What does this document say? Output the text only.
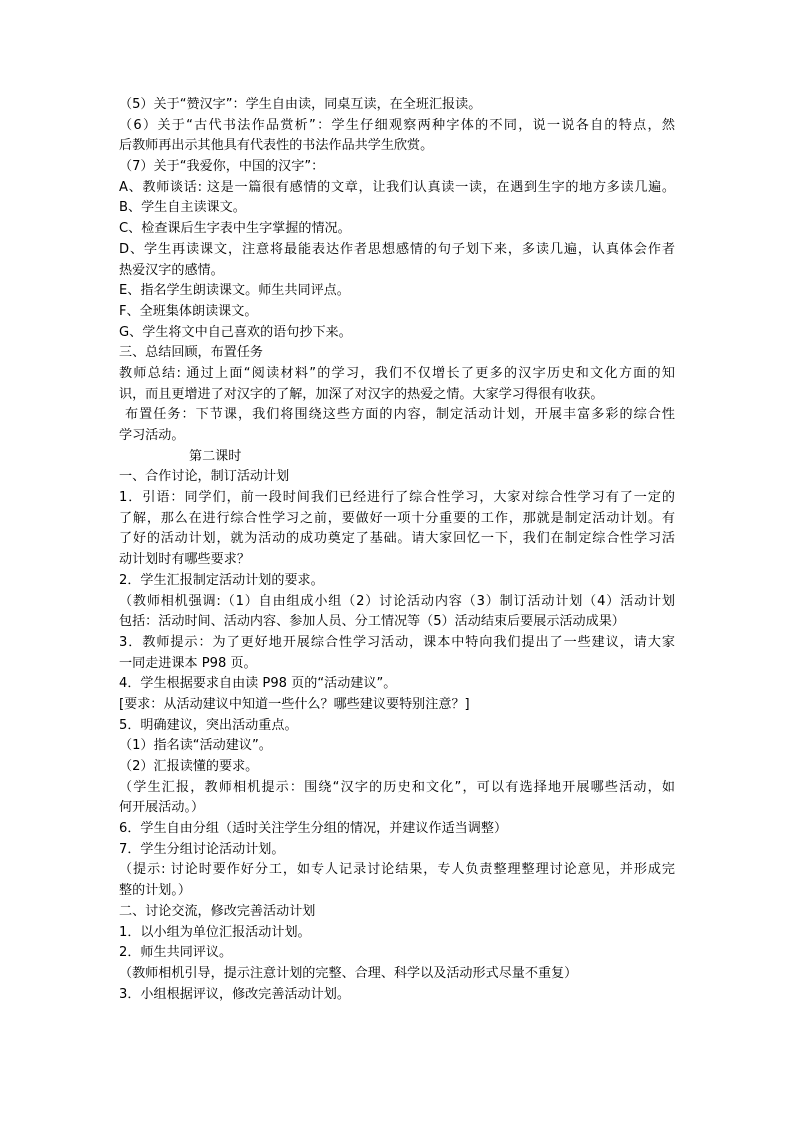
（5）关于“赞汉字”：学生自由读，同桌互读，在全班汇报读。
（6）关于“古代书法作品赏析”：学生仔细观察两种字体的不同，说一说各自的特点，然
后教师再出示其他具有代表性的书法作品共学生欣赏。
（7）关于“我爱你，中国的汉字”：
A、教师谈话: 这是一篇很有感情的文章，让我们认真读一读，在遇到生字的地方多读几遍。
B、学生自主读课文。
C、检查课后生字表中生字掌握的情况。
D、学生再读课文，注意将最能表达作者思想感情的句子划下来，多读几遍，认真体会作者
热爱汉字的感情。
E、指名学生朗读课文。师生共同评点。
F、全班集体朗读课文。
G、学生将文中自己喜欢的语句抄下来。
三、总结回顾，布置任务
教师总结: 通过上面“阅读材料”的学习，我们不仅增长了更多的汉字历史和文化方面的知
识，而且更增进了对汉字的了解，加深了对汉字的热爱之情。大家学习得很有收获。
布置任务：下节课，我们将围绕这些方面的内容，制定活动计划，开展丰富多彩的综合性
学习活动。
第二课时
一、合作讨论，制订活动计划
1．引语：同学们，前一段时间我们已经进行了综合性学习，大家对综合性学习有了一定的
了解，那么在进行综合性学习之前，要做好一项十分重要的工作，那就是制定活动计划。有
了好的活动计划，就为活动的成功奠定了基础。请大家回忆一下，我们在制定综合性学习活
动计划时有哪些要求？
2．学生汇报制定活动计划的要求。
（教师相机强调:（1）自由组成小组（2）讨论活动内容（3）制订活动计划（4）活动计划
包括：活动时间、活动内容、参加人员、分工情况等（5）活动结束后要展示活动成果）
3．教师提示：为了更好地开展综合性学习活动，课本中特向我们提出了一些建议，请大家
一同走进课本 P98 页。
4．学生根据要求自由读 P98 页的“活动建议”。
[要求：从活动建议中知道一些什么？哪些建议要特别注意？]
5．明确建议，突出活动重点。
（1）指名读“活动建议”。
（2）汇报读懂的要求。
（学生汇报，教师相机提示：围绕“汉字的历史和文化”，可以有选择地开展哪些活动，如
何开展活动。）
6．学生自由分组（适时关注学生分组的情况，并建议作适当调整）
7．学生分组讨论活动计划。
（提示: 讨论时要作好分工，如专人记录讨论结果，专人负责整理整理讨论意见，并形成完
整的计划。）
二、讨论交流，修改完善活动计划
1．以小组为单位汇报活动计划。
2．师生共同评议。
（教师相机引导，提示注意计划的完整、合理、科学以及活动形式尽量不重复）
3．小组根据评议，修改完善活动计划。
